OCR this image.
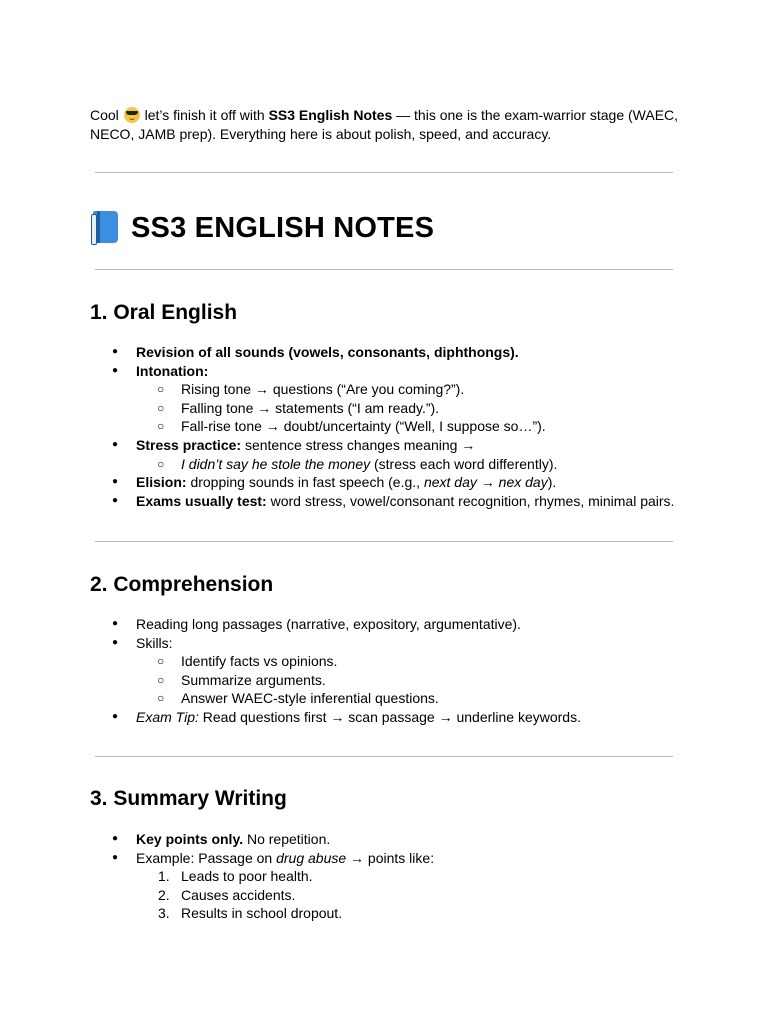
Cool  let’s finish it off with SS3 English Notes — this one is the exam-warrior stage (WAEC, NECO, JAMB prep). Everything here is about polish, speed, and accuracy.

SS3 ENGLISH NOTES
1. Oral English
● Revision of all sounds (vowels, consonants, diphthongs).
● Intonation:
○ Rising tone → questions (“Are you coming?”).
○ Falling tone → statements (“I am ready.”).
○ Fall-rise tone → doubt/uncertainty (“Well, I suppose so…”).
● Stress practice: sentence stress changes meaning →
○ I didn’t say he stole the money (stress each word differently).
● Elision: dropping sounds in fast speech (e.g., next day → nex day).
● Exams usually test: word stress, vowel/consonant recognition, rhymes, minimal pairs.
2. Comprehension
● Reading long passages (narrative, expository, argumentative).
● Skills:
○ Identify facts vs opinions.
○ Summarize arguments.
○ Answer WAEC-style inferential questions.
● Exam Tip: Read questions first → scan passage → underline keywords.
3. Summary Writing
● Key points only. No repetition.
● Example: Passage on drug abuse → points like:
1. Leads to poor health.
2. Causes accidents.
3. Results in school dropout.
